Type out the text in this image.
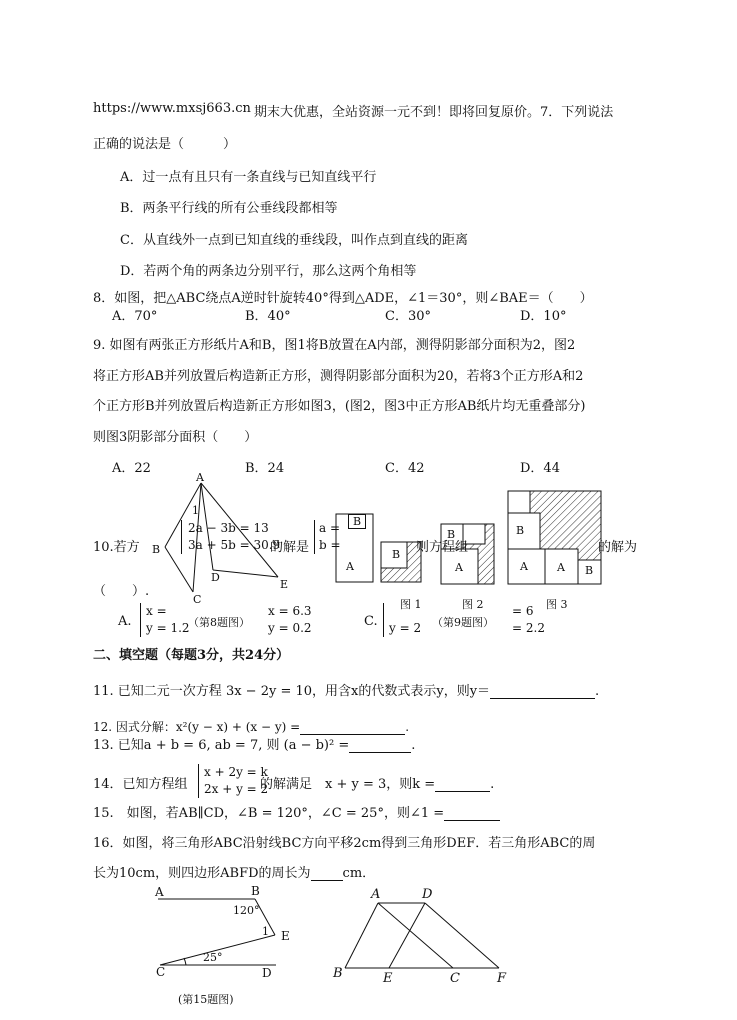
https://www.mxsj663.cn 期末大优惠，全站资源一元不到！即将回复原价。7．下列说法
正确的说法是（　　　）
A．过一点有且只有一条直线与已知直线平行
B．两条平行线的所有公垂线段都相等
C．从直线外一点到已知直线的垂线段，叫作点到直线的距离
D．若两个角的两条边分别平行，那么这两个角相等
8．如图，把△ABC绕点A逆时针旋转40°得到△ADE，∠1＝30°，则∠BAE＝（　　）
A．70°	B．40°	C．30°	D．10°
9. 如图有两张正方形纸片A和B，图1将B放置在A内部，测得阴影部分面积为2，图2
将正方形AB并列放置后构造新正方形，测得阴影部分面积为20，若将3个正方形A和2
个正方形B并列放置后构造新正方形如图3，(图2，图3中正方形AB纸片均无重叠部分)
则图3阴影部分面积（　　）
A．22	B．24	C．42	D．44
A
1
B
C
D
E
（第8题图）
B
A
B
B
A
B
A	A B
图 1	图 2	图 3
（第9题图）
10.若方
2a − 3b = 13
3a + 5b = 30.9
的解是
a =
b =	则方程组	的解为
（　　）.
A.
x =
y = 1.2
x = 6.3
y = 0.2	C.
y = 2
= 6
= 2.2
二、填空题（每题3分，共24分）
11. 已知二元一次方程 3x − 2y = 10，用含x的代数式表示y，则y＝	.
12. 因式分解：x²(y − x) + (x − y) =	.
13. 已知a + b = 6, ab = 7, 则 (a − b)² =	.
14．已知方程组
x + 2y = k
2x + y = 2
的解满足　x + y = 3，则k =	.
15.　如图，若AB∥CD，∠B = 120°，∠C = 25°，则∠1 =
16．如图，将三角形ABC沿射线BC方向平移2cm得到三角形DEF．若三角形ABC的周
长为10cm，则四边形ABFD的周长为 cm．
A	B
120°
1 E
C
25°
D
(第15题图)
A	D
B	E	C	F
